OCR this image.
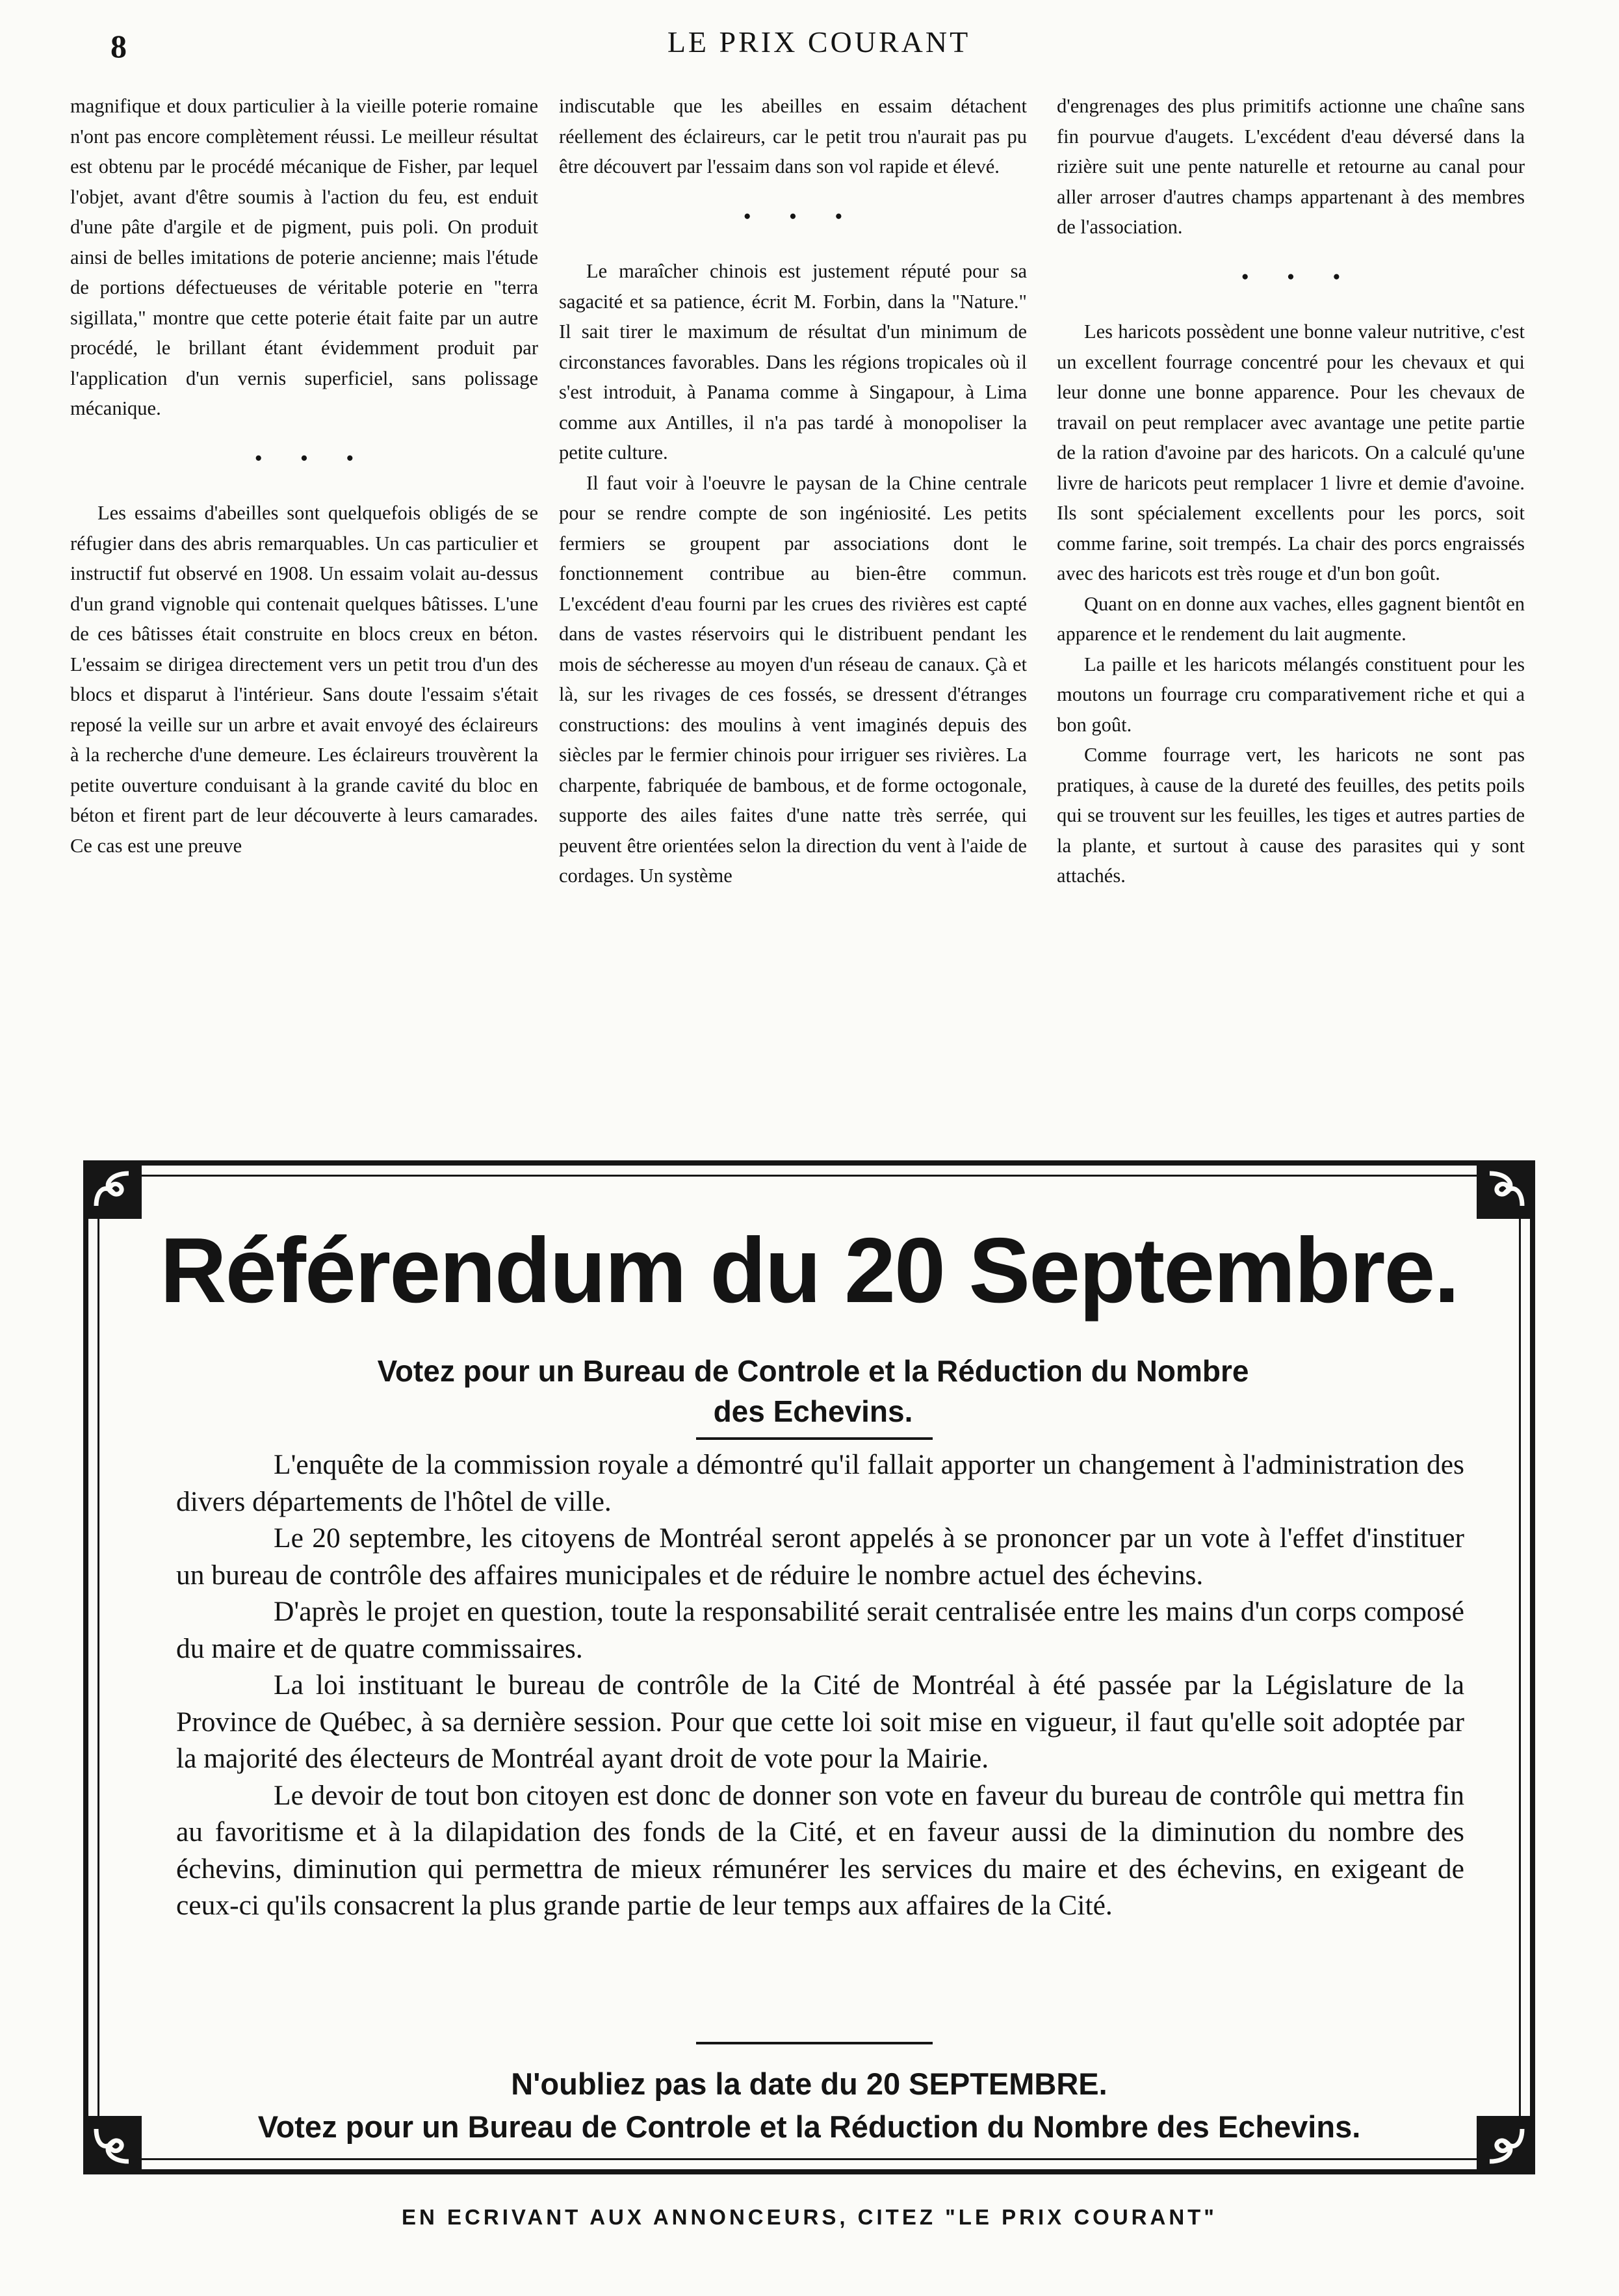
8	LE PRIX COURANT

magnifique et doux particulier à la vieille poterie romaine n'ont pas encore complètement réussi. Le meilleur résultat est obtenu par le procédé mécanique de Fisher, par lequel l'objet, avant d'être soumis à l'action du feu, est enduit d'une pâte d'argile et de pigment, puis poli. On produit ainsi de belles imitations de poterie ancienne; mais l'étude de portions défectueuses de véritable poterie en "terra sigillata," montre que cette poterie était faite par un autre procédé, le brillant étant évidemment produit par l'application d'un vernis superficiel, sans polissage mécanique.

• • •

Les essaims d'abeilles sont quelquefois obligés de se réfugier dans des abris remarquables. Un cas particulier et instructif fut observé en 1908. Un essaim volait au-dessus d'un grand vignoble qui contenait quelques bâtisses. L'une de ces bâtisses était construite en blocs creux en béton. L'essaim se dirigea directement vers un petit trou d'un des blocs et disparut à l'intérieur. Sans doute l'essaim s'était reposé la veille sur un arbre et avait envoyé des éclaireurs à la recherche d'une demeure. Les éclaireurs trouvèrent la petite ouverture conduisant à la grande cavité du bloc en béton et firent part de leur découverte à leurs camarades. Ce cas est une preuve

indiscutable que les abeilles en essaim détachent réellement des éclaireurs, car le petit trou n'aurait pas pu être découvert par l'essaim dans son vol rapide et élevé.

• • •

Le maraîcher chinois est justement réputé pour sa sagacité et sa patience, écrit M. Forbin, dans la "Nature." Il sait tirer le maximum de résultat d'un minimum de circonstances favorables. Dans les régions tropicales où il s'est introduit, à Panama comme à Singapour, à Lima comme aux Antilles, il n'a pas tardé à monopoliser la petite culture.

Il faut voir à l'oeuvre le paysan de la Chine centrale pour se rendre compte de son ingéniosité. Les petits fermiers se groupent par associations dont le fonctionnement contribue au bien-être commun. L'excédent d'eau fourni par les crues des rivières est capté dans de vastes réservoirs qui le distribuent pendant les mois de sécheresse au moyen d'un réseau de canaux. Çà et là, sur les rivages de ces fossés, se dressent d'étranges constructions: des moulins à vent imaginés depuis des siècles par le fermier chinois pour irriguer ses rivières. La charpente, fabriquée de bambous, et de forme octogonale, supporte des ailes faites d'une natte très serrée, qui peuvent être orientées selon la direction du vent à l'aide de cordages. Un système

d'engrenages des plus primitifs actionne une chaîne sans fin pourvue d'augets. L'excédent d'eau déversé dans la rizière suit une pente naturelle et retourne au canal pour aller arroser d'autres champs appartenant à des membres de l'association.

• • •

Les haricots possèdent une bonne valeur nutritive, c'est un excellent fourrage concentré pour les chevaux et qui leur donne une bonne apparence. Pour les chevaux de travail on peut remplacer avec avantage une petite partie de la ration d'avoine par des haricots. On a calculé qu'une livre de haricots peut remplacer 1 livre et demie d'avoine. Ils sont spécialement excellents pour les porcs, soit comme farine, soit trempés. La chair des porcs engraissés avec des haricots est très rouge et d'un bon goût.

Quant on en donne aux vaches, elles gagnent bientôt en apparence et le rendement du lait augmente.

La paille et les haricots mélangés constituent pour les moutons un fourrage cru comparativement riche et qui a bon goût.

Comme fourrage vert, les haricots ne sont pas pratiques, à cause de la dureté des feuilles, des petits poils qui se trouvent sur les feuilles, les tiges et autres parties de la plante, et surtout à cause des parasites qui y sont attachés.

Référendum du 20 Septembre.
Votez pour un Bureau de Controle et la Réduction du Nombre des Echevins.

L'enquête de la commission royale a démontré qu'il fallait apporter un changement à l'administration des divers départements de l'hôtel de ville.

Le 20 septembre, les citoyens de Montréal seront appelés à se prononcer par un vote à l'effet d'instituer un bureau de contrôle des affaires municipales et de réduire le nombre actuel des échevins.

D'après le projet en question, toute la responsabilité serait centralisée entre les mains d'un corps composé du maire et de quatre commissaires.

La loi instituant le bureau de contrôle de la Cité de Montréal à été passée par la Législature de la Province de Québec, à sa dernière session. Pour que cette loi soit mise en vigueur, il faut qu'elle soit adoptée par la majorité des électeurs de Montréal ayant droit de vote pour la Mairie.

Le devoir de tout bon citoyen est donc de donner son vote en faveur du bureau de contrôle qui mettra fin au favoritisme et à la dilapidation des fonds de la Cité, et en faveur aussi de la diminution du nombre des échevins, diminution qui permettra de mieux rémunérer les services du maire et des échevins, en exigeant de ceux-ci qu'ils consacrent la plus grande partie de leur temps aux affaires de la Cité.

N'oubliez pas la date du 20 SEPTEMBRE.
Votez pour un Bureau de Controle et la Réduction du Nombre des Echevins.
EN ECRIVANT AUX ANNONCEURS, CITEZ "LE PRIX COURANT"
